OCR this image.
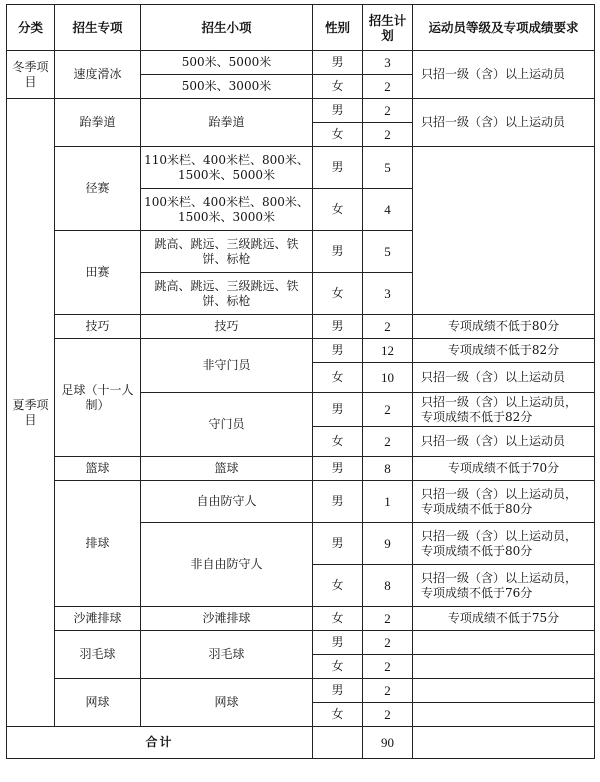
分类	招生专项	招生小项	性别	招生计划	运动员等级及专项成绩要求
冬季项目	速度滑冰	500米、5000米	男	3	只招一级（含）以上运动员
		500米、3000米	女	2	
夏季项目	跆拳道	跆拳道	男	2	只招一级（含）以上运动员
			女	2	
	径赛	110米栏、400米栏、800米、1500米、5000米	男	5	
		100米栏、400米栏、800米、1500米、3000米	女	4	
	田赛	跳高、跳远、三级跳远、铁饼、标枪	男	5	
		跳高、跳远、三级跳远、铁饼、标枪	女	3	
	技巧	技巧	男	2	专项成绩不低于80分
	足球（十一人制）	非守门员	男	12	专项成绩不低于82分
			女	10	只招一级（含）以上运动员
		守门员	男	2	只招一级（含）以上运动员，专项成绩不低于82分
			女	2	只招一级（含）以上运动员
	篮球	篮球	男	8	专项成绩不低于70分
	排球	自由防守人	男	1	只招一级（含）以上运动员，专项成绩不低于80分
		非自由防守人	男	9	只招一级（含）以上运动员，专项成绩不低于80分
			女	8	只招一级（含）以上运动员，专项成绩不低于76分
	沙滩排球	沙滩排球	女	2	专项成绩不低于75分
	羽毛球	羽毛球	男	2	
			女	2	
	网球	网球	男	2	
			女	2	
合计				90	
